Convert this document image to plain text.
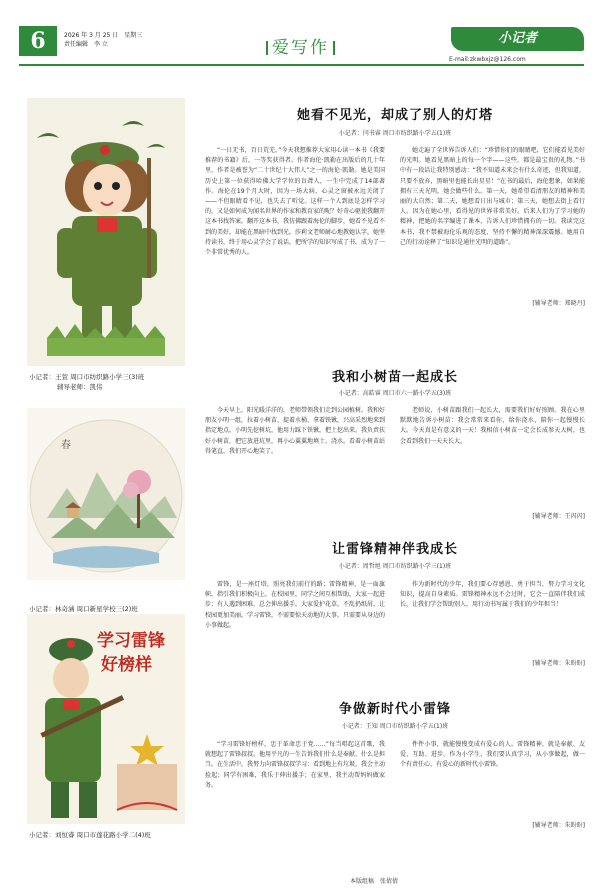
6	2026 年 3 月 25 日　星期三
责任编辑　李 立	爱写作	小记者
E-mail:zkwbxjz@126.com
小记者：王萱 周口市纺织路小学三(3)班
辅导老师：凯伟
春
小记者：林奇涵 周口新星学校三(2)班
学习雷锋
好榜样
小记者：刘恒睿 周口市莲花路小学二(4)班
她看不见光，却成了别人的灯塔
小记者：闫书睿 周口市纺织路小学五(1)班
“一日无书，百日荒芜。”今天我想推荐大家用心读一本书《我要推荐的书籍》后，一等奖获得者。作者海伦·凯勒在出版后的几十年里，作者是被誉为“二十世纪十大伟人”之一的海伦·凯勒。她是美国历史上第一位获得哈佛大学学位的盲聋人，一生中完成了14部著作。海伦在19个月大时，因为一场大病，心灵之窗被永远关闭了——不但眼睛看不见，也失去了听觉。这样一个人到底是怎样学习的，又是如何成为闻名世界的作家和教育家的呢？好奇心驱使我翻开这本书找答案。翻开这本书，我仿佛跟着海伦的脚步，她看不见看不到的美好。却能在黑暗中找到光。莎莉文老师耐心地教她认字，她坚持读书，终于用心灵学会了说话，把所学的知识写成了书，成为了一个非常优秀的人。
她走遍了全世界告诉人们：“珍惜你们的眼睛吧，它们能看见美好的光明。她看见黑暗上的每一个字——这些，都是最宝贵的礼物。”书中有一段话让我特别感动：“我不知道未来会有什么奇迹，但我知道，只要不放弃，黑暗里也能长出星星！”在书的最后，海伦想象，如果能拥有三天光明，她会做些什么。第一天，她希望看清朋友的精神和美丽的大自然；第二天，她想看日出与城市；第三天，她想去街上看行人。因为在她心里，看得见的世界非常美好。后来人们为了学习她的精神，把她的名字编进了课本，告诉人们珍惜拥有的一切。我读完这本书，我不禁被海伦乐观的态度、坚持不懈的精神深深震撼。她用自己的行动诠释了“知识是通往光明的道路”。
[辅导老师：郑晓丹]
我和小树苗一起成长
小记者：高皓睿 周口市六一路小学五(3)班
今天早上，阳光暖洋洋的，老师带领我们走到公园植树。我和好朋友小明一组，拉着小树苗、提着水桶、拿着铁锹，兴高采烈地来到指定地点。小明先挖树坑，他用力踩下铁锹，把土挖出来。我负责扶好小树苗，把它放进坑里，再小心翼翼地填土、浇水。看着小树苗站得笔直，我们开心地笑了。
老师说，小树苗跟我们一起长大，需要我们好好照顾。我在心里默默地告诉小树苗：我会常常来看你，给你浇水，陪你一起慢慢长大。今天真是有意义的一天！我相信小树苗一定会长成参天大树，也会看到我们一天天长大。
[辅导老师：王闪闪]
让雷锋精神伴我成长
小记者：周哲旭 周口市纺织路小学三(1)班
雷锋，是一座灯塔，照亮我们前行的路；雷锋精神，是一面旗帜，指引我们积极向上。在校园里，同学之间互相帮助，大家一起进步；有人遇到困难，总会伸出援手。大家爱护花草，不乱扔纸屑，让校园更加美丽。学习雷锋，不需要惊天动地的大事，只需要从身边的小事做起。
作为新时代的少年，我们要心存感恩、勇于担当，努力学习文化知识，提高自身素质。雷锋精神永远不会过时，它会一直陪伴我们成长，让我们学会帮助别人，用行动书写属于我们的少年担当！
[辅导老师：朱盼盼]
争做新时代小雷锋
小记者：王知 周口市纺织路小学五(1)班
“学习雷锋好榜样，忠于革命忠于党……”每当唱起这首歌，我就想起了雷锋叔叔。他用平凡的一生告诉我们什么是奉献、什么是担当。在生活中，我努力向雷锋叔叔学习：看到地上有垃圾，我会主动捡起；同学有困难，我乐于伸出援手；在家里，我主动帮妈妈做家务。
件件小事，就能慢慢变成有爱心的人。雷锋精神，就是奉献、友爱、互助、进步。作为小学生，我们要认真学习，从小事做起，做一个有责任心、有爱心的新时代小雷锋。
[辅导老师：朱盼盼]
本版组稿　张倩倩
